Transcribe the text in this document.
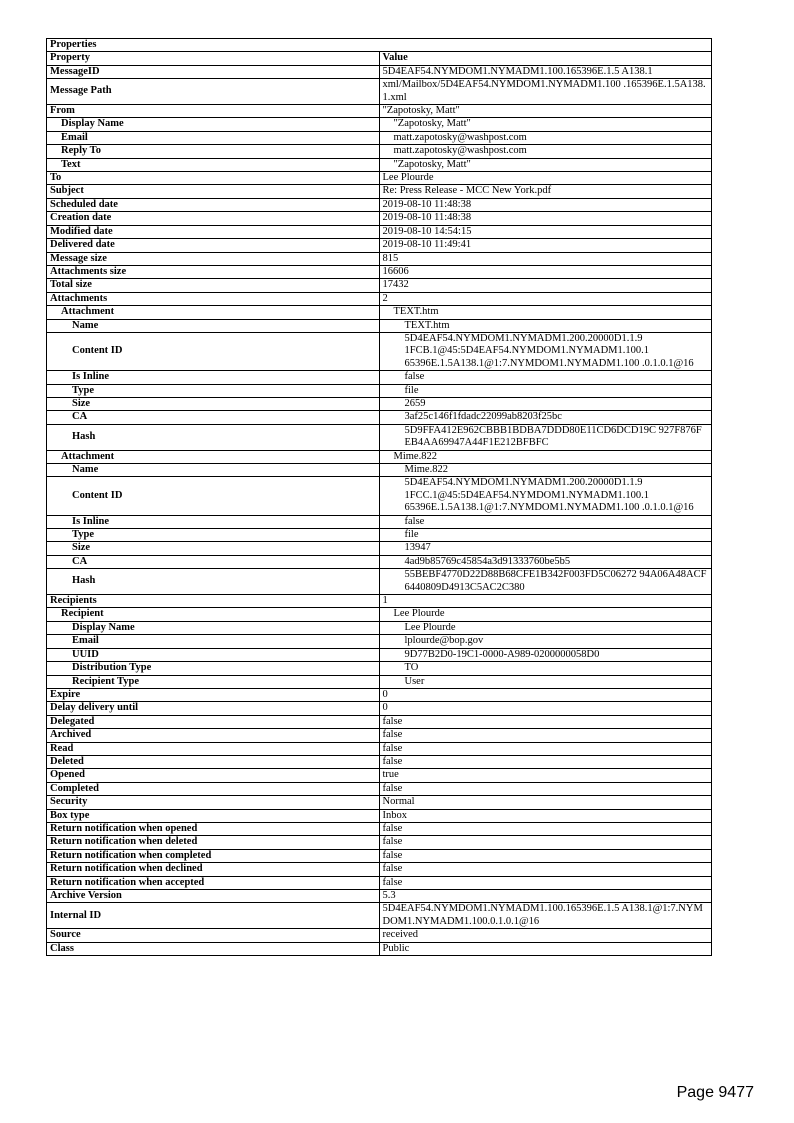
Properties	
Property	Value
MessageID	5D4EAF54.NYMDOM1.NYMADM1.100.165396E.1.5 A138.1
Message Path	xml/Mailbox/5D4EAF54.NYMDOM1.NYMADM1.100 .165396E.1.5A138.1.xml
From	"Zapotosky, Matt"
Display Name	"Zapotosky, Matt"
Email	matt.zapotosky@washpost.com
Reply To	matt.zapotosky@washpost.com
Text	"Zapotosky, Matt"
To	Lee Plourde
Subject	Re: Press Release - MCC New York.pdf
Scheduled date	2019-08-10 11:48:38
Creation date	2019-08-10 11:48:38
Modified date	2019-08-10 14:54:15
Delivered date	2019-08-10 11:49:41
Message size	815
Attachments size	16606
Total size	17432
Attachments	2
Attachment	TEXT.htm
Name	TEXT.htm
Content ID	5D4EAF54.NYMDOM1.NYMADM1.200.20000D1.1.9
1FCB.1@45:5D4EAF54.NYMDOM1.NYMADM1.100.1
65396E.1.5A138.1@1:7.NYMDOM1.NYMADM1.100 .0.1.0.1@16
Is Inline	false
Type	file
Size	2659
CA	3af25c146f1fdadc22099ab8203f25bc
Hash	5D9FFA412E962CBBB1BDBA7DDD80E11CD6DCD19C 927F876FEB4AA69947A44F1E212BFBFC
Attachment	Mime.822
Name	Mime.822
Content ID	5D4EAF54.NYMDOM1.NYMADM1.200.20000D1.1.9
1FCC.1@45:5D4EAF54.NYMDOM1.NYMADM1.100.1
65396E.1.5A138.1@1:7.NYMDOM1.NYMADM1.100 .0.1.0.1@16
Is Inline	false
Type	file
Size	13947
CA	4ad9b85769c45854a3d91333760be5b5
Hash	55BEBF4770D22D88B68CFE1B342F003FD5C06272 94A06A48ACF6440809D4913C5AC2C380
Recipients	1
Recipient	Lee Plourde
Display Name	Lee Plourde
Email	lplourde@bop.gov
UUID	9D77B2D0-19C1-0000-A989-0200000058D0
Distribution Type	TO
Recipient Type	User
Expire	0
Delay delivery until	0
Delegated	false
Archived	false
Read	false
Deleted	false
Opened	true
Completed	false
Security	Normal
Box type	Inbox
Return notification when opened	false
Return notification when deleted	false
Return notification when completed	false
Return notification when declined	false
Return notification when accepted	false
Archive Version	5.3
Internal ID	5D4EAF54.NYMDOM1.NYMADM1.100.165396E.1.5 A138.1@1:7.NYMDOM1.NYMADM1.100.0.1.0.1@16
Source	received
Class	Public
Page 9477
